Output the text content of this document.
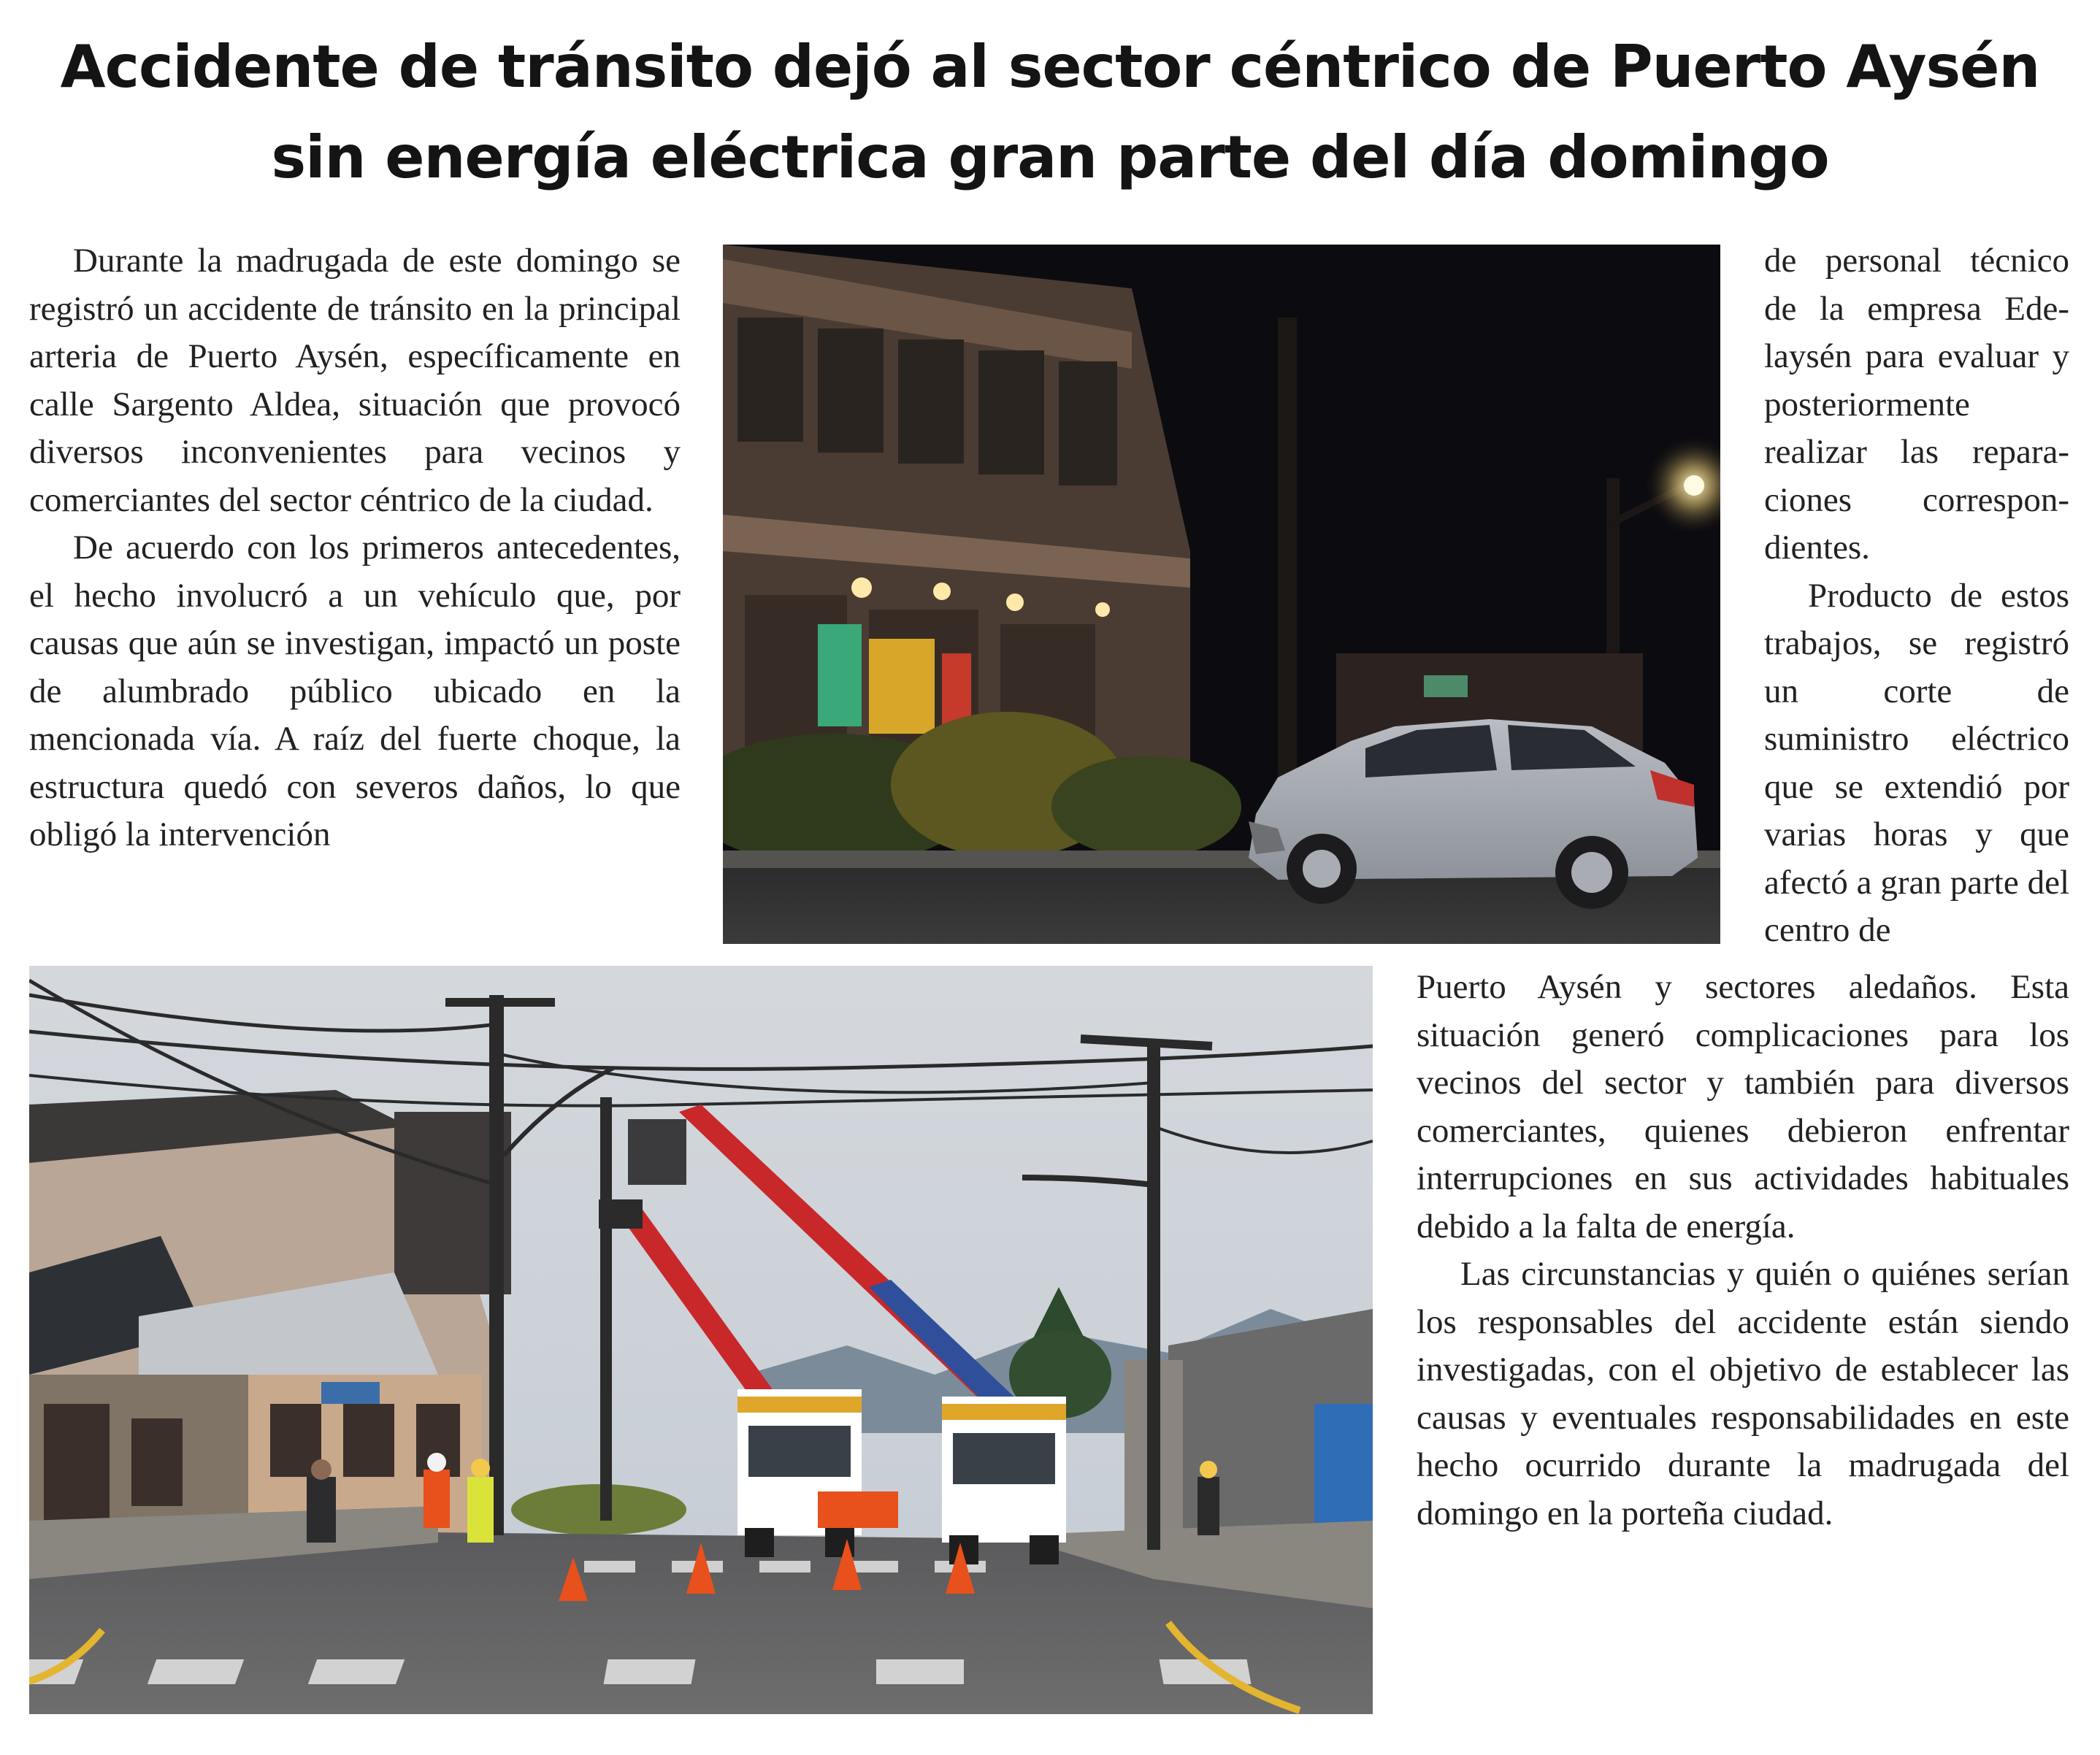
Accidente de tránsito dejó al sector céntrico de Puerto Aysén sin energía eléctrica gran parte del día domingo

Durante la madrugada de este domingo se registró un accidente de tránsito en la principal arteria de Puerto Aysén, específicamente en calle Sargento Aldea, situación que provocó diversos inconvenientes para vecinos y comerciantes del sector céntrico de la ciudad.

De acuerdo con los primeros antecedentes, el hecho involucró a un vehículo que, por causas que aún se investigan, impactó un poste de alumbrado público ubicado en la mencionada vía. A raíz del fuerte choque, la estructura quedó con severos daños, lo que obligó la intervención

de personal técnico de la empresa Edelaysén para evaluar y posteriormente realizar las reparaciones correspondientes.

Producto de estos trabajos, se registró un corte de suministro eléctrico que se extendió por varias horas y que afectó a gran parte del centro de

Puerto Aysén y sectores aledaños. Esta situación generó complicaciones para los vecinos del sector y también para diversos comerciantes, quienes debieron enfrentar interrupciones en sus actividades habituales debido a la falta de energía.

Las circunstancias y quién o quiénes serían los responsables del accidente están siendo investigadas, con el objetivo de establecer las causas y eventuales responsabilidades en este hecho ocurrido durante la madrugada del domingo en la porteña ciudad.
